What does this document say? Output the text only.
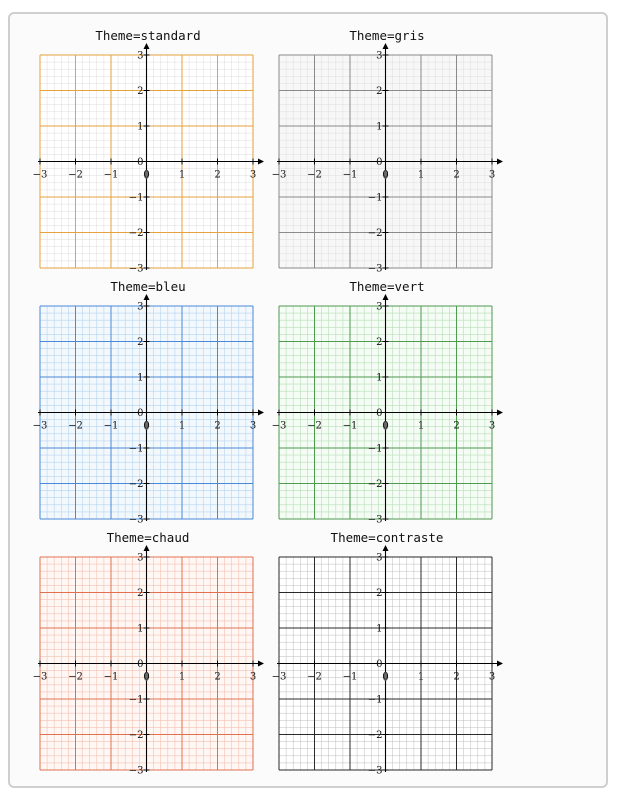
Theme=standard
−3 −2 −1 0	1	2	3
3
2
1
0
−1
−2
−3
Theme=gris
−3 −2 −1 0	1	2	3
3
2
1
0
−1
−2
−3
Theme=bleu
−3 −2 −1 0	1	2	3
3
2
1
0
−1
−2
−3
Theme=vert
−3 −2 −1 0	1	2	3
3
2
1
0
−1
−2
−3
Theme=chaud
−3 −2 −1 0	1	2	3
3
2
1
0
−1
−2
−3
Theme=contraste
−3 −2 −1 0	1	2	3
3
2
1
0
−1
−2
−3
